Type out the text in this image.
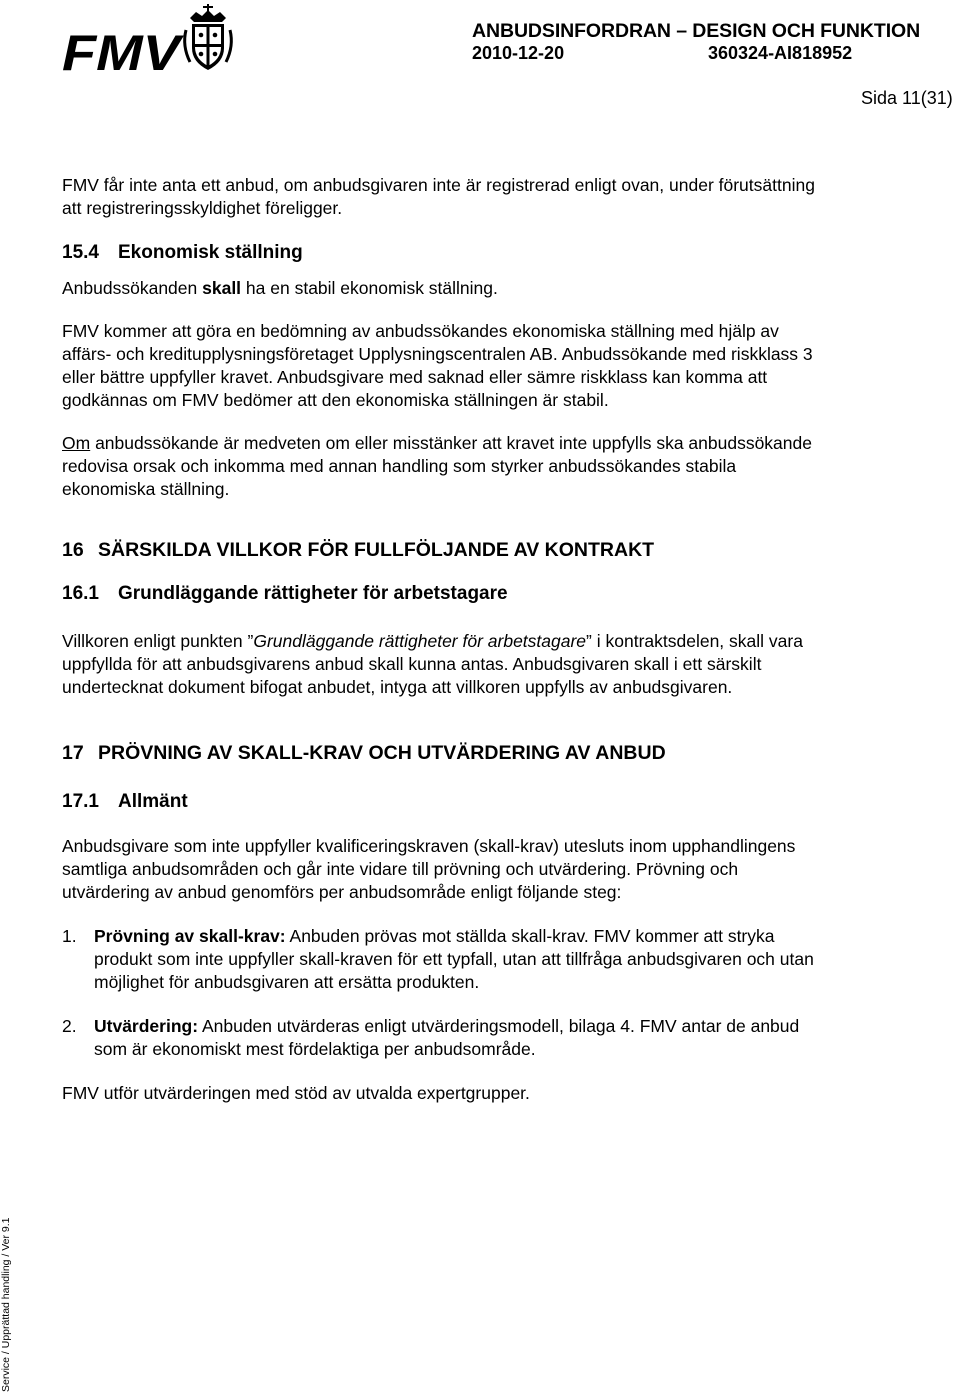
FMV	ANBUDSINFORDRAN – DESIGN OCH FUNKTION
2010-12-20	360324-AI818952
Sida 11(31)

FMV får inte anta ett anbud, om anbudsgivaren inte är registrerad enligt ovan, under förutsättning att registreringsskyldighet föreligger.

15.4 Ekonomisk ställning

Anbudssökanden skall ha en stabil ekonomisk ställning.

FMV kommer att göra en bedömning av anbudssökandes ekonomiska ställning med hjälp av affärs- och kreditupplysningsföretaget Upplysningscentralen AB. Anbudssökande med riskklass 3 eller bättre uppfyller kravet. Anbudsgivare med saknad eller sämre riskklass kan komma att godkännas om FMV bedömer att den ekonomiska ställningen är stabil.

Om anbudssökande är medveten om eller misstänker att kravet inte uppfylls ska anbudssökande redovisa orsak och inkomma med annan handling som styrker anbudssökandes stabila ekonomiska ställning.

16 SÄRSKILDA VILLKOR FÖR FULLFÖLJANDE AV KONTRAKT

16.1 Grundläggande rättigheter för arbetstagare

Villkoren enligt punkten ”Grundläggande rättigheter för arbetstagare” i kontraktsdelen, skall vara uppfyllda för att anbudsgivarens anbud skall kunna antas. Anbudsgivaren skall i ett särskilt undertecknat dokument bifogat anbudet, intyga att villkoren uppfylls av anbudsgivaren.

17 PRÖVNING AV SKALL-KRAV OCH UTVÄRDERING AV ANBUD

17.1 Allmänt

Anbudsgivare som inte uppfyller kvalificeringskraven (skall-krav) utesluts inom upphandlingens samtliga anbudsområden och går inte vidare till prövning och utvärdering. Prövning och utvärdering av anbud genomförs per anbudsområde enligt följande steg:

1. Prövning av skall-krav: Anbuden prövas mot ställda skall-krav. FMV kommer att stryka produkt som inte uppfyller skall-kraven för ett typfall, utan att tillfråga anbudsgivaren och utan möjlighet för anbudsgivaren att ersätta produkten.
2. Utvärdering: Anbuden utvärderas enligt utvärderingsmodell, bilaga 4. FMV antar de anbud som är ekonomiskt mest fördelaktiga per anbudsområde.

FMV utför utvärderingen med stöd av utvalda expertgrupper.

Service / Upprättad handling / Ver 9.1
